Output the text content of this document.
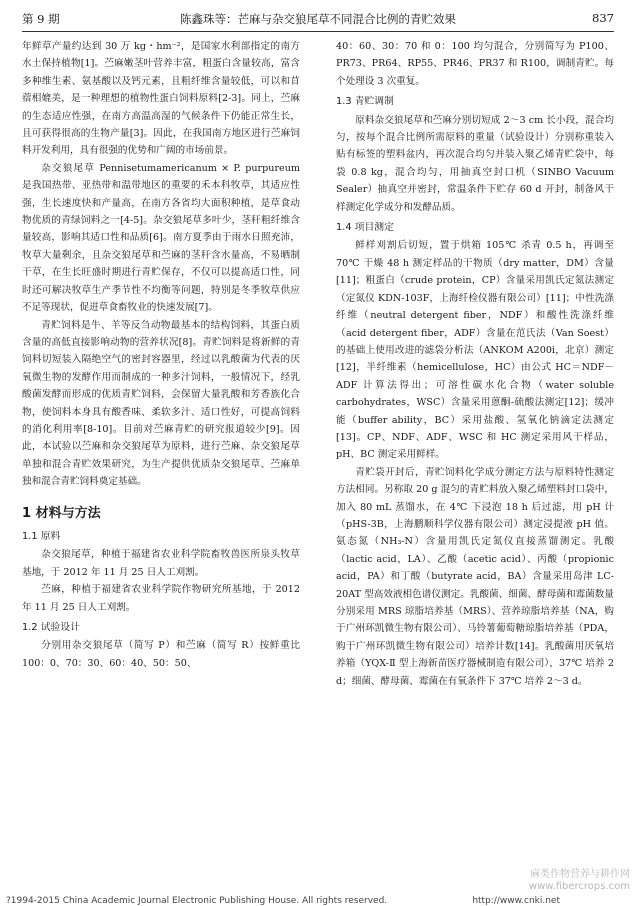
第 9 期	陈鑫珠等：芒麻与杂交狼尾草不同混合比例的青贮效果	837

年鲜草产量约达到 30 万 kg・hm⁻²，是国家水利部指定的南方水土保持植物[1]。苎麻嫩茎叶营养丰富，粗蛋白含量较高，富含多种维生素、氨基酸以及钙元素，且粗纤维含量较低，可以和苜蓿相媲美，是一种理想的植物性蛋白饲料原料[2-3]。同上，苎麻的生态适应性强，在南方高温高湿的气候条件下仍能正常生长，且可获得很高的生物产量[3]。因此，在我国南方地区进行苎麻饲料开发利用，具有很强的优势和广阔的市场前景。

杂交狼尾草 Pennisetumamericanum × P. purpureum 是我国热带、亚热带和温带地区的重要的禾本科牧草，其适应性强，生长速度快和产量高，在南方各省均大面积种植，是草食动物优质的青绿饲料之一[4-5]。杂交狼尾草多叶少，茎秆粗纤维含量较高，影响其适口性和品质[6]。南方夏季由于雨水日照充沛，牧草大量剩余，且杂交狼尾草和苎麻的茎秆含水量高，不易晒制干草，在生长旺盛时期进行青贮保存，不仅可以提高适口性，同时还可解决牧草生产季节性不均衡等问题，特别是冬季牧草供应不足等现状，促进草食畜牧业的快速发展[7]。

青贮饲料是牛、羊等反刍动物最基本的结构饲料，其蛋白质含量的高低直接影响动物的营养状况[8]。青贮饲料是将新鲜的青饲料切短装入隔绝空气的密封容器里，经过以乳酸菌为代表的厌氧微生物的发酵作用而制成的一种多汁饲料，一般情况下，经乳酸菌发酵而形成的优质青贮饲料，会保留大量乳酸和芳香族化合物，使饲料本身具有酸香味、柔软多汁、适口性好，可提高饲料的消化利用率[8-10]。目前对苎麻青贮的研究报道较少[9]。因此，本试验以苎麻和杂交狼尾草为原料，进行苎麻、杂交狼尾草单独和混合青贮效果研究，为生产提供优质杂交狼尾草、苎麻单独和混合青贮饲料奠定基础。

1 材料与方法
1.1 原料

杂交狼尾草，种植于福建省农业科学院畜牧兽医所泉头牧草基地，于 2012 年 11 月 25 日人工刈割。

苎麻，种植于福建省农业科学院作物研究所基地，于 2012 年 11 月 25 日人工刈割。

1.2 试验设计

分别用杂交狼尾草（简写 P）和苎麻（简写 R）按鲜重比 100：0、70：30、60：40、50：50、

40：60、30：70 和 0：100 均匀混合，分别简写为 P100、PR73、PR64、RP55、PR46、PR37 和 R100，调制青贮。每个处理设 3 次重复。

1.3 青贮调制

原料杂交狼尾草和苎麻分别切短成 2～3 cm 长小段，混合均匀，按每个混合比例所需原料的重量（试验设计）分别称重装入贴有标签的塑料盆内，再次混合均匀并装入聚乙烯青贮袋中，每袋 0.8 kg，混合均匀，用抽真空封口机（SINBO Vacuum Sealer）抽真空并密封，常温条件下贮存 60 d 开封，制备风干样测定化学成分和发酵品质。

1.4 项目测定

鲜样刈割后切短，置于烘箱 105℃ 杀青 0.5 h，再调至 70℃ 干燥 48 h 测定样品的干物质（dry matter，DM）含量[11]；粗蛋白（crude protein，CP）含量采用凯氏定氮法测定（定氮仪 KDN-103F，上海纤检仪器有限公司）[11]；中性洗涤纤维（neutral detergent fiber，NDF）和酸性洗涤纤维（acid detergent fiber，ADF）含量在范氏法（Van Soest）的基础上使用改进的滤袋分析法（ANKOM A200i，北京）测定[12]，半纤维素（hemicellulose，HC）由公式 HC＝NDF－ADF 计算法得出；可溶性碳水化合物（water soluble carbohydrates，WSC）含量采用蒽酮-硫酸法测定[12]；缓冲能（buffer ability，BC）采用盐酸、氢氧化钠滴定法测定[13]。CP、NDF、ADF、WSC 和 HC 测定采用风干样品，pH、BC 测定采用鲜样。

青贮袋开封后，青贮饲料化学成分测定方法与原料特性测定方法相同。另称取 20 g 混匀的青贮料放入聚乙烯塑料封口袋中，加入 80 mL 蒸馏水，在 4℃ 下浸泡 18 h 后过滤，用 pH 计（pHS-3B，上海鹏顺科学仪器有限公司）测定浸提液 pH 值。氨态氮（NH₃-N）含量用凯氏定氮仪直接蒸馏测定。乳酸（lactic acid，LA）、乙酸（acetic acid）、丙酸（propionic acid，PA）和丁酸（butyrate acid，BA）含量采用岛津 LC-20AT 型高效液相色谱仪测定。乳酸菌、细菌、酵母菌和霉菌数量分别采用 MRS 琼脂培养基（MRS）、营养琼脂培养基（NA，购于广州环凯微生物有限公司）、马铃薯葡萄糖琼脂培养基（PDA，购于广州环凯微生物有限公司）培养计数[14]。乳酸菌用厌氧培养箱（YQX-Ⅱ 型上海新苗医疗器械制造有限公司），37℃ 培养 2 d；细菌、酵母菌、霉菌在有氧条件下 37℃ 培养 2～3 d。

?1994-2015 China Academic Journal Electronic Publishing House. All rights reserved.	http://www.cnki.net
麻类作物营养与耕作网
www.fibercrops.com
